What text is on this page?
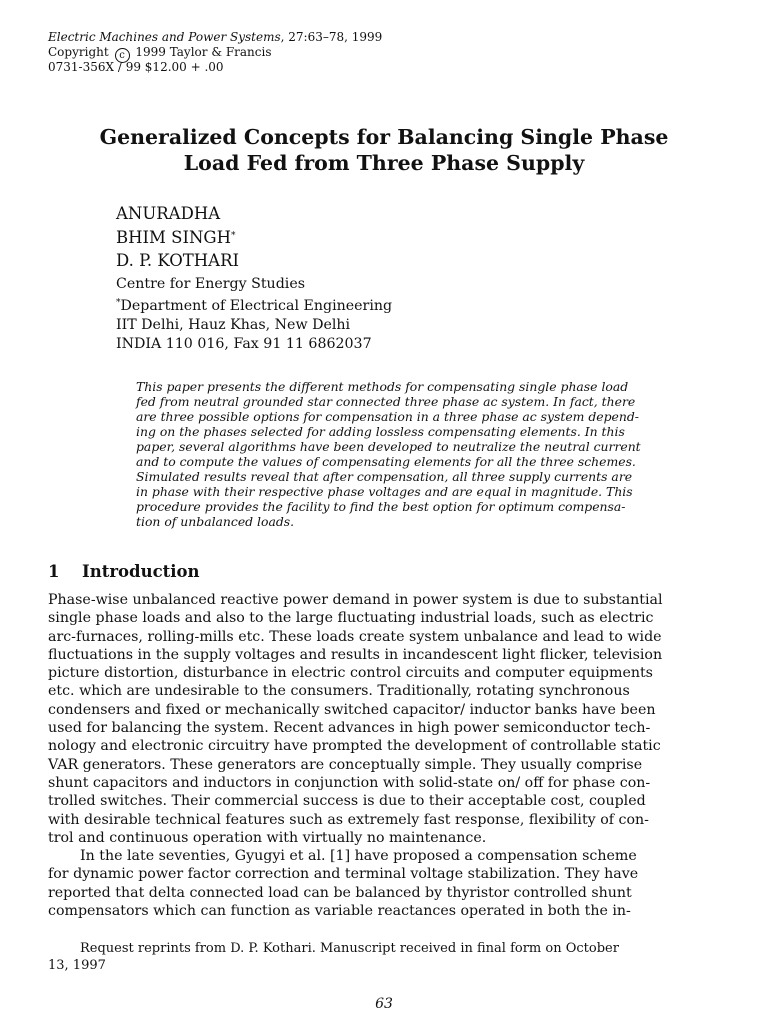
Electric Machines and Power Systems, 27:63–78, 1999
Copyright c 1999 Taylor & Francis
0731-356X / 99 $12.00 + .00
Generalized Concepts for Balancing Single Phase
Load Fed from Three Phase Supply
ANURADHA
BHIM SINGH*
D. P. KOTHARI
Centre for Energy Studies
*Department of Electrical Engineering
IIT Delhi, Hauz Khas, New Delhi
INDIA 110 016, Fax 91 11 6862037
This paper presents the different methods for compensating single phase load
fed from neutral grounded star connected three phase ac system. In fact, there
are three possible options for compensation in a three phase ac system depend-
ing on the phases selected for adding lossless compensating elements. In this
paper, several algorithms have been developed to neutralize the neutral current
and to compute the values of compensating elements for all the three schemes.
Simulated results reveal that after compensation, all three supply currents are
in phase with their respective phase voltages and are equal in magnitude. This
procedure provides the facility to find the best option for optimum compensa-
tion of unbalanced loads.
1 Introduction
Phase-wise unbalanced reactive power demand in power system is due to substantial
single phase loads and also to the large fluctuating industrial loads, such as electric
arc-furnaces, rolling-mills etc. These loads create system unbalance and lead to wide
fluctuations in the supply voltages and results in incandescent light flicker, television
picture distortion, disturbance in electric control circuits and computer equipments
etc. which are undesirable to the consumers. Traditionally, rotating synchronous
condensers and fixed or mechanically switched capacitor/ inductor banks have been
used for balancing the system. Recent advances in high power semiconductor tech-
nology and electronic circuitry have prompted the development of controllable static
VAR generators. These generators are conceptually simple. They usually comprise
shunt capacitors and inductors in conjunction with solid-state on/ off for phase con-
trolled switches. Their commercial success is due to their acceptable cost, coupled
with desirable technical features such as extremely fast response, flexibility of con-
trol and continuous operation with virtually no maintenance.
In the late seventies, Gyugyi et al. [1] have proposed a compensation scheme
for dynamic power factor correction and terminal voltage stabilization. They have
reported that delta connected load can be balanced by thyristor controlled shunt
compensators which can function as variable reactances operated in both the in-
Request reprints from D. P. Kothari. Manuscript received in final form on October
13, 1997
63
